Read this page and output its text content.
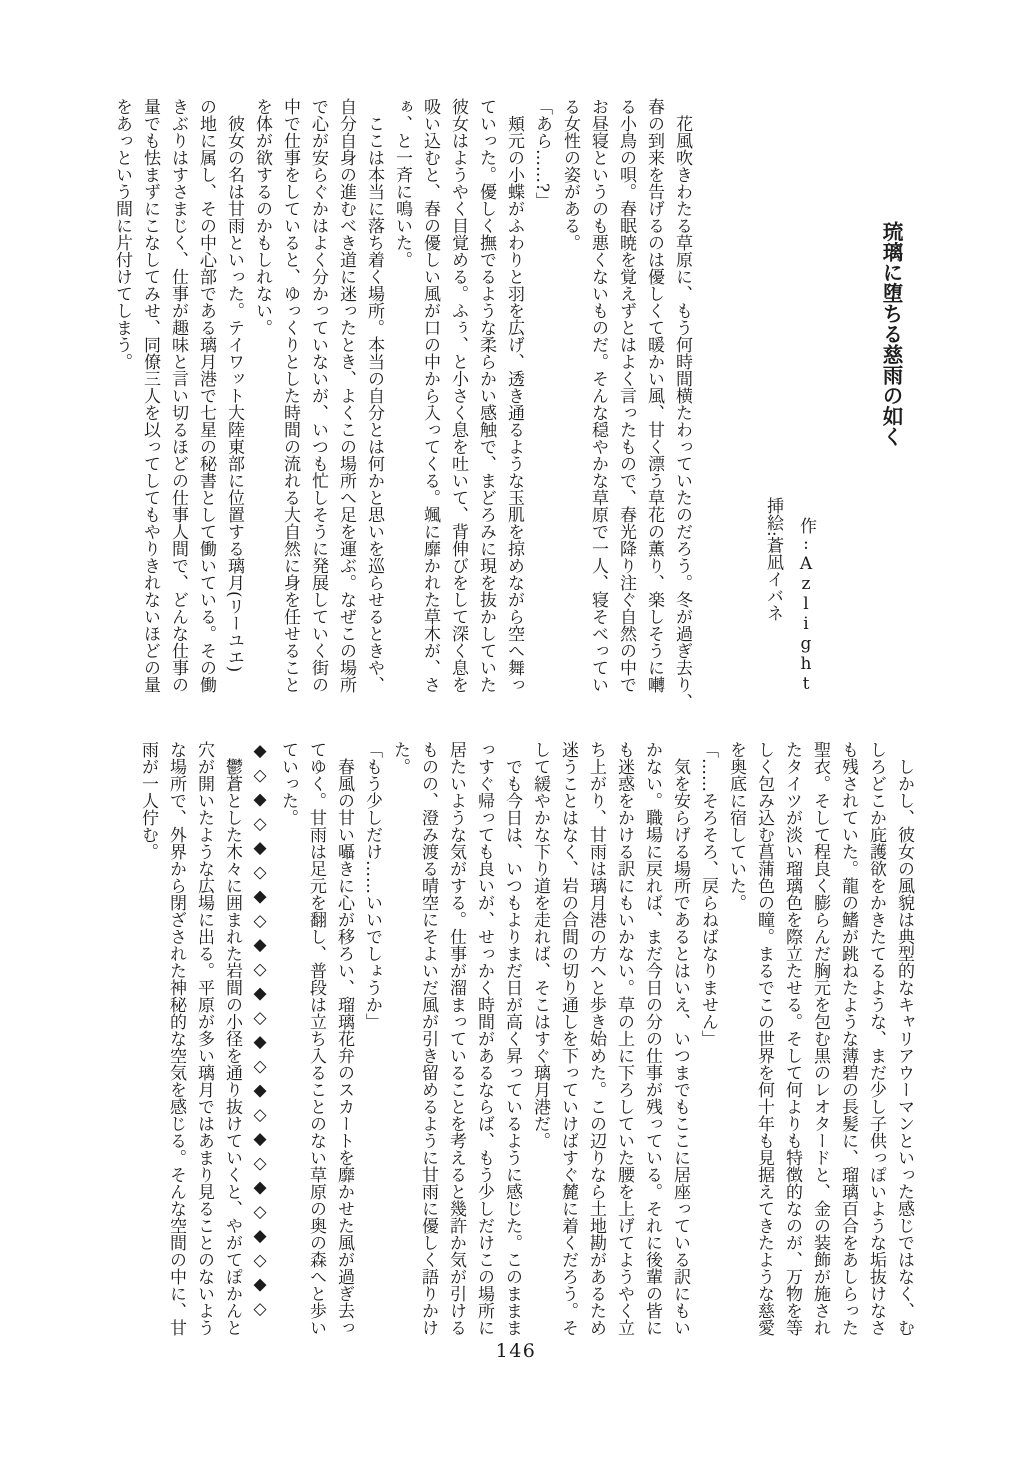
琉璃に堕ちる慈雨の如く

作:Azlight

挿絵:蒼凪イバネ

　花風吹きわたる草原に、もう何時間横たわっていたのだろう。冬が過ぎ去り、

春の到来を告げるのは優しくて暖かい風、甘く漂う草花の薫り、楽しそうに囀

る小鳥の唄。春眠暁を覚えずとはよく言ったもので、春光降り注ぐ自然の中で

お昼寝というのも悪くないものだ。そんな穏やかな草原で一人、寝そべってい

る女性の姿がある。

「あら……?」

　頬元の小蝶がふわりと羽を広げ、透き通るような玉肌を掠めながら空へ舞っ

ていった。優しく撫でるような柔らかい感触で、まどろみに現を抜かしていた

彼女はようやく目覚める。ふぅ、と小さく息を吐いて、背伸びをして深く息を

吸い込むと、春の優しい風が口の中から入ってくる。颯に靡かれた草木が、さ

ぁ、と一斉に鳴いた。

　ここは本当に落ち着く場所。本当の自分とは何かと思いを巡らせるときや、

自分自身の進むべき道に迷ったとき、よくこの場所へ足を運ぶ。なぜこの場所

で心が安らぐかはよく分かっていないが、いつも忙しそうに発展していく街の

中で仕事をしていると、ゆっくりとした時間の流れる大自然に身を任せること

を体が欲するのかもしれない。

　彼女の名は甘雨といった。テイワット大陸東部に位置する璃月(リーユエ)

の地に属し、その中心部である璃月港で七星の秘書として働いている。その働

きぶりはすさまじく、仕事が趣味と言い切るほどの仕事人間で、どんな仕事の

量でも怯まずにこなしてみせ、同僚三人を以ってしてもやりきれないほどの量

をあっという間に片付けてしまう。

　しかし、彼女の風貌は典型的なキャリアウーマンといった感じではなく、む

しろどこか庇護欲をかきたてるような、まだ少し子供っぽいような垢抜けなさ

も残されていた。龍の鰭が跳ねたような薄碧の長髪に、瑠璃百合をあしらった

聖衣。そして程良く膨らんだ胸元を包む黒のレオタードと、金の装飾が施され

たタイツが淡い瑠璃色を際立たせる。そして何よりも特徴的なのが、万物を等

しく包み込む菖蒲色の瞳。まるでこの世界を何十年も見据えてきたような慈愛

を奥底に宿していた。

「……そろそろ、戻らねばなりません」

　気を安らげる場所であるとはいえ、いつまでもここに居座っている訳にもい

かない。職場に戻れば、まだ今日の分の仕事が残っている。それに後輩の皆に

も迷惑をかける訳にもいかない。草の上に下ろしていた腰を上げてようやく立

ち上がり、甘雨は璃月港の方へと歩き始めた。この辺りなら土地勘があるため

迷うことはなく、岩の合間の切り通しを下っていけばすぐ麓に着くだろう。そ

して緩やかな下り道を走れば、そこはすぐ璃月港だ。

　でも今日は、いつもよりまだ日が高く昇っているように感じた。このままま

っすぐ帰っても良いが、せっかく時間があるならば、もう少しだけこの場所に

居たいような気がする。仕事が溜まっていることを考えると幾許か気が引ける

ものの、澄み渡る晴空にそよいだ風が引き留めるように甘雨に優しく語りかけ

た。

「もう少しだけ……いいでしょうか」

　春風の甘い囁きに心が移ろい、瑠璃花弁のスカートを靡かせた風が過ぎ去っ

てゆく。甘雨は足元を翻し、普段は立ち入ることのない草原の奥の森へと歩い

ていった。

◆◇◆◇◆◇◆◇◆◇◆◇◆◇◆◇◆◇◆◇◆◇◆◇

　鬱蒼とした木々に囲まれた岩間の小径を通り抜けていくと、やがてぽかんと

穴が開いたような広場に出る。平原が多い璃月ではあまり見ることのないよう

な場所で、外界から閉ざされた神秘的な空気を感じる。そんな空間の中に、甘

雨が一人佇む。

146
